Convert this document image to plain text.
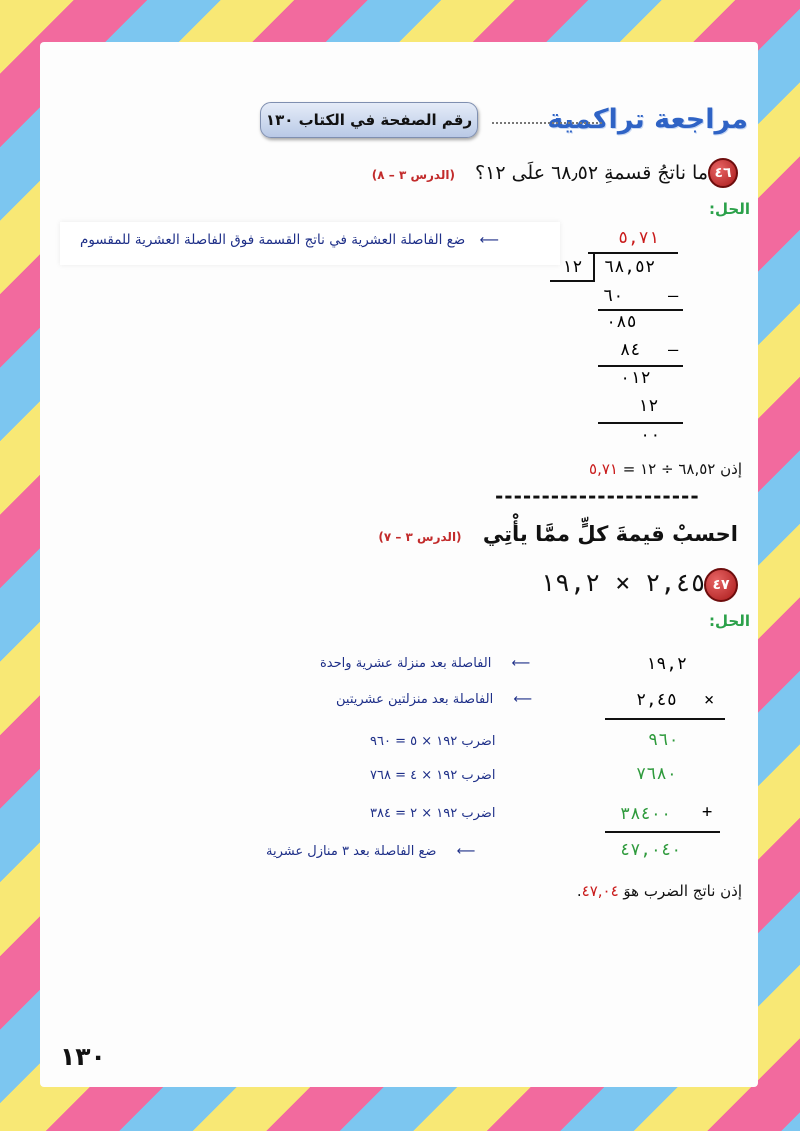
مراجعة تراكمية
رقم الصفحة في الكتاب ١٣٠
٤٦
ما ناتجُ قسمةِ ٦٨٫٥٢ علَى ١٢؟ (الدرس ٣ – ٨)
الحل:
⟵ ضع الفاصلة العشرية في ناتج القسمة فوق الفاصلة العشرية للمقسوم	٥,٧١
١٢ ٦٨,٥٢
٦٠	–
٠٨٥
٨٤ –
٠١٢
١٢
٠٠
إذن ٦٨,٥٢ ÷ ١٢ = ٥,٧١
----------------------
احسبْ قيمةَ كلٍّ ممَّا يأْتِي (الدرس ٣ – ٧)
٤٧
٢,٤٥ × ١٩,٢
الحل:
١٩,٢
⟵ الفاصلة بعد منزلة عشرية واحدة
٢,٤٥ ×
⟵ الفاصلة بعد منزلتين عشريتين
٩٦٠
اضرب ١٩٢ × ٥ = ٩٦٠
٧٦٨٠
اضرب ١٩٢ × ٤ = ٧٦٨
٣٨٤٠٠ +
اضرب ١٩٢ × ٢ = ٣٨٤
٤٧,٠٤٠
⟵ ضع الفاصلة بعد ٣ منازل عشرية
إذن ناتج الضرب هوَ ٤٧,٠٤.
١٣٠
